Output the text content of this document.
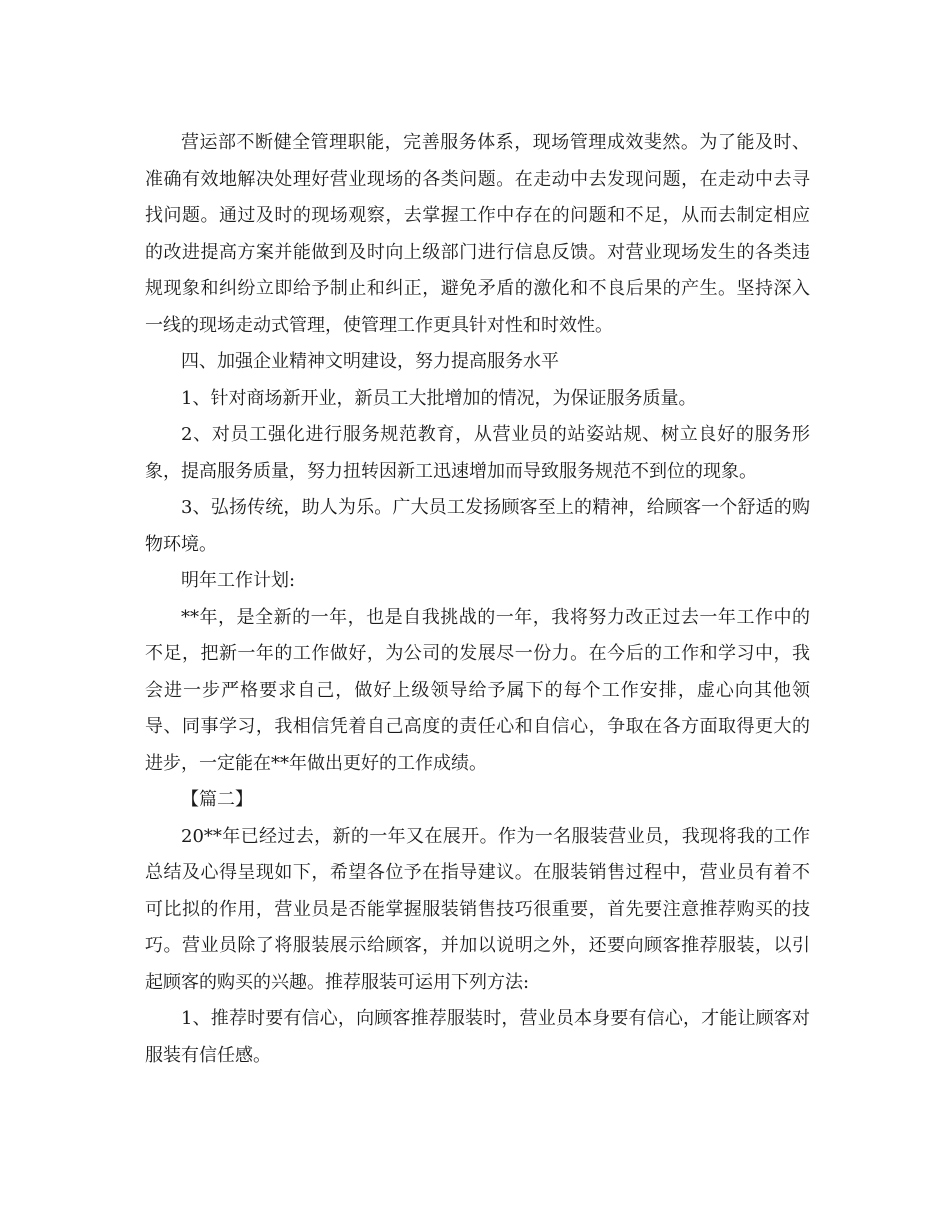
营运部不断健全管理职能，完善服务体系，现场管理成效斐然。为了能及时、准确有效地解决处理好营业现场的各类问题。在走动中去发现问题，在走动中去寻找问题。通过及时的现场观察，去掌握工作中存在的问题和不足，从而去制定相应的改进提高方案并能做到及时向上级部门进行信息反馈。对营业现场发生的各类违规现象和纠纷立即给予制止和纠正，避免矛盾的激化和不良后果的产生。坚持深入一线的现场走动式管理，使管理工作更具针对性和时效性。

四、加强企业精神文明建设，努力提高服务水平

1、针对商场新开业，新员工大批增加的情况，为保证服务质量。

2、对员工强化进行服务规范教育，从营业员的站姿站规、树立良好的服务形象，提高服务质量，努力扭转因新工迅速增加而导致服务规范不到位的现象。

3、弘扬传统，助人为乐。广大员工发扬顾客至上的精神，给顾客一个舒适的购物环境。

明年工作计划:

**年，是全新的一年，也是自我挑战的一年，我将努力改正过去一年工作中的不足，把新一年的工作做好，为公司的发展尽一份力。在今后的工作和学习中，我会进一步严格要求自己，做好上级领导给予属下的每个工作安排，虚心向其他领导、同事学习，我相信凭着自己高度的责任心和自信心，争取在各方面取得更大的进步，一定能在**年做出更好的工作成绩。

【篇二】

20**年已经过去，新的一年又在展开。作为一名服装营业员，我现将我的工作总结及心得呈现如下，希望各位予在指导建议。在服装销售过程中，营业员有着不可比拟的作用，营业员是否能掌握服装销售技巧很重要，首先要注意推荐购买的技巧。营业员除了将服装展示给顾客，并加以说明之外，还要向顾客推荐服装，以引起顾客的购买的兴趣。推荐服装可运用下列方法:

1、推荐时要有信心，向顾客推荐服装时，营业员本身要有信心，才能让顾客对服装有信任感。
